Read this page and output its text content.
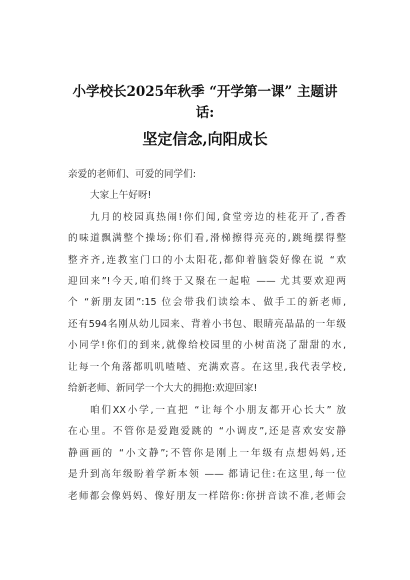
小学校长2025年秋季 “开学第一课” 主题讲
话:
坚定信念,向阳成长
亲爱的老师们、可爱的同学们:
大家上午好呀!
九月的校园真热闹!你们闻,食堂旁边的桂花开了,香香
的味道飘满整个操场;你们看,滑梯擦得亮亮的,跳绳摆得整
整齐齐,连教室门口的小太阳花,都仰着脑袋好像在说 “欢
迎回来”!今天,咱们终于又聚在一起啦 —— 尤其要欢迎两
个 “新朋友团”:15 位会带我们读绘本、做手工的新老师,
还有594名刚从幼儿园来、背着小书包、眼睛亮晶晶的一年级
小同学!你们的到来,就像给校园里的小树苗浇了甜甜的水,
让每一个角落都叽叽喳喳、充满欢喜。在这里,我代表学校,
给新老师、新同学一个大大的拥抱:欢迎回家!
咱们XX小学,一直把 “让每个小朋友都开心长大” 放
在心里。不管你是爱跑爱跳的 “小调皮”,还是喜欢安安静
静画画的 “小文静”;不管你是刚上一年级有点想妈妈,还
是升到高年级盼着学新本领 —— 都请记住:在这里,每一位
老师都会像妈妈、像好朋友一样陪你:你拼音读不准,老师会
